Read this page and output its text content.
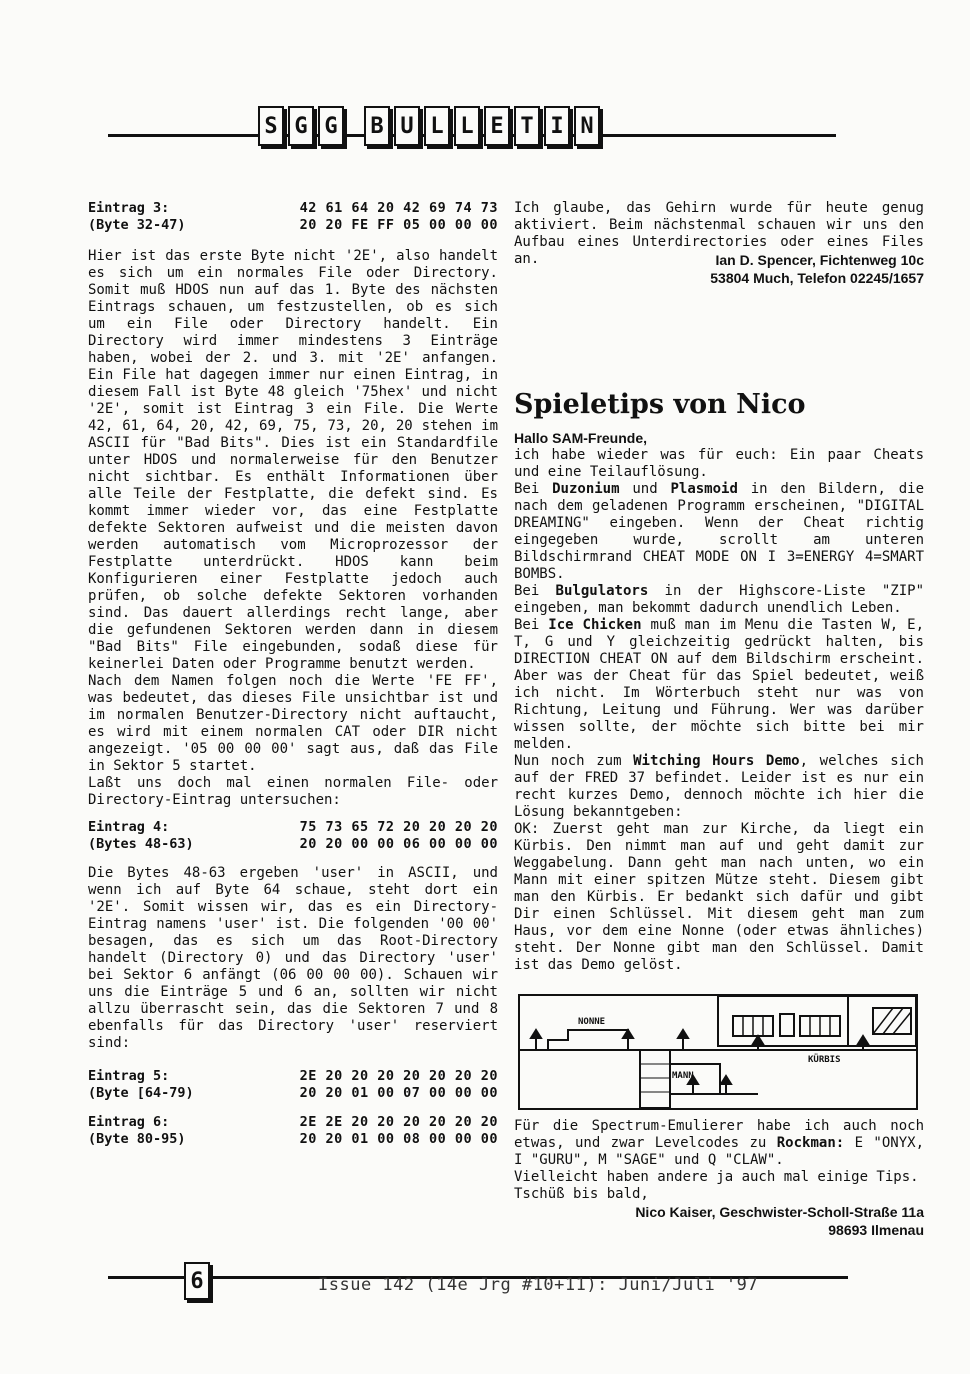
S G G B U L L E T I N
Eintrag 3:	42 61 64 20 42 69 74 73
(Byte 32-47)	20 20 FE FF 05 00 00 00

Hier ist das erste Byte nicht '2E', also handelt es sich um ein normales File oder Directory. Somit muß HDOS nun auf das 1. Byte des nächsten Eintrags schauen, um festzustellen, ob es sich um ein File oder Directory handelt. Ein Directory wird immer mindestens 3 Einträge haben, wobei der 2. und 3. mit '2E' anfangen. Ein File hat dagegen immer nur einen Eintrag, in diesem Fall ist Byte 48 gleich '75hex' und nicht '2E', somit ist Eintrag 3 ein File. Die Werte 42, 61, 64, 20, 42, 69, 75, 73, 20, 20 stehen im ASCII für "Bad Bits". Dies ist ein Standardfile unter HDOS und normalerweise für den Benutzer nicht sichtbar. Es enthält Informationen über alle Teile der Festplatte, die defekt sind. Es kommt immer wieder vor, das eine Festplatte defekte Sektoren aufweist und die meisten davon werden automatisch vom Microprozessor der Festplatte unterdrückt. HDOS kann beim Konfigurieren einer Festplatte jedoch auch prüfen, ob solche defekte Sektoren vorhanden sind. Das dauert allerdings recht lange, aber die gefundenen Sektoren werden dann in diesem "Bad Bits" File eingebunden, sodaß diese für keinerlei Daten oder Programme benutzt werden.

Nach dem Namen folgen noch die Werte 'FE FF', was bedeutet, das dieses File unsichtbar ist und im normalen Benutzer-Directory nicht auftaucht, es wird mit einem normalen CAT oder DIR nicht angezeigt. '05 00 00 00' sagt aus, daß das File in Sektor 5 startet.

Laßt uns doch mal einen normalen File- oder Directory-Eintrag untersuchen:

Eintrag 4:	75 73 65 72 20 20 20 20
(Bytes 48-63)	20 20 00 00 06 00 00 00

Die Bytes 48-63 ergeben 'user' in ASCII, und wenn ich auf Byte 64 schaue, steht dort ein '2E'. Somit wissen wir, das es ein Directory-Eintrag namens 'user' ist. Die folgenden '00 00' besagen, das es sich um das Root-Directory handelt (Directory 0) und das Directory 'user' bei Sektor 6 anfängt (06 00 00 00). Schauen wir uns die Einträge 5 und 6 an, sollten wir nicht allzu überrascht sein, das die Sektoren 7 und 8 ebenfalls für das Directory 'user' reserviert sind:

Eintrag 5:	2E 20 20 20 20 20 20 20
(Byte [64-79)	20 20 01 00 07 00 00 00
Eintrag 6:	2E 2E 20 20 20 20 20 20
(Byte 80-95)	20 20 01 00 08 00 00 00

Ich glaube, das Gehirn wurde für heute genug aktiviert. Beim nächstenmal schauen wir uns den Aufbau eines Unterdirectories oder eines Files an.	Ian D. Spencer, Fichtenweg 10c
53804 Much, Telefon 02245/1657
Spieletips von Nico

Hallo SAM-Freunde,

ich habe wieder was für euch: Ein paar Cheats und eine Teilauflösung.

Bei Duzonium und Plasmoid in den Bildern, die nach dem geladenen Programm erscheinen, "DIGITAL DREAMING" eingeben. Wenn der Cheat richtig eingegeben wurde, scrollt am unteren Bildschirmrand CHEAT MODE ON I 3=ENERGY 4=SMART BOMBS.

Bei Bulgulators in der Highscore-Liste "ZIP" eingeben, man bekommt dadurch unendlich Leben.

Bei Ice Chicken muß man im Menu die Tasten W, E, T, G und Y gleichzeitig gedrückt halten, bis DIRECTION CHEAT ON auf dem Bildschirm erscheint. Aber was der Cheat für das Spiel bedeutet, weiß ich nicht. Im Wörterbuch steht nur was von Richtung, Leitung und Führung. Wer was darüber wissen sollte, der möchte sich bitte bei mir melden.

Nun noch zum Witching Hours Demo, welches sich auf der FRED 37 befindet. Leider ist es nur ein recht kurzes Demo, dennoch möchte ich hier die Lösung bekanntgeben:

OK: Zuerst geht man zur Kirche, da liegt ein Kürbis. Den nimmt man auf und geht damit zur Weggabelung. Dann geht man nach unten, wo ein Mann mit einer spitzen Mütze steht. Diesem gibt man den Kürbis. Er bedankt sich dafür und gibt Dir einen Schlüssel. Mit diesem geht man zum Haus, vor dem eine Nonne (oder etwas ähnliches) steht. Der Nonne gibt man den Schlüssel. Damit ist das Demo gelöst.

NONNE
MANN
KÜRBIS

Für die Spectrum-Emulierer habe ich auch noch etwas, und zwar Levelcodes zu Rockman: E "ONYX, I "GURU", M "SAGE" und Q "CLAW".

Vielleicht haben andere ja auch mal einige Tips.

Tschüß bis bald,

Nico Kaiser, Geschwister-Scholl-Straße 11a
98693 Ilmenau
6	Issue 142 (14e Jrg #10+11): Juni/Juli '97
